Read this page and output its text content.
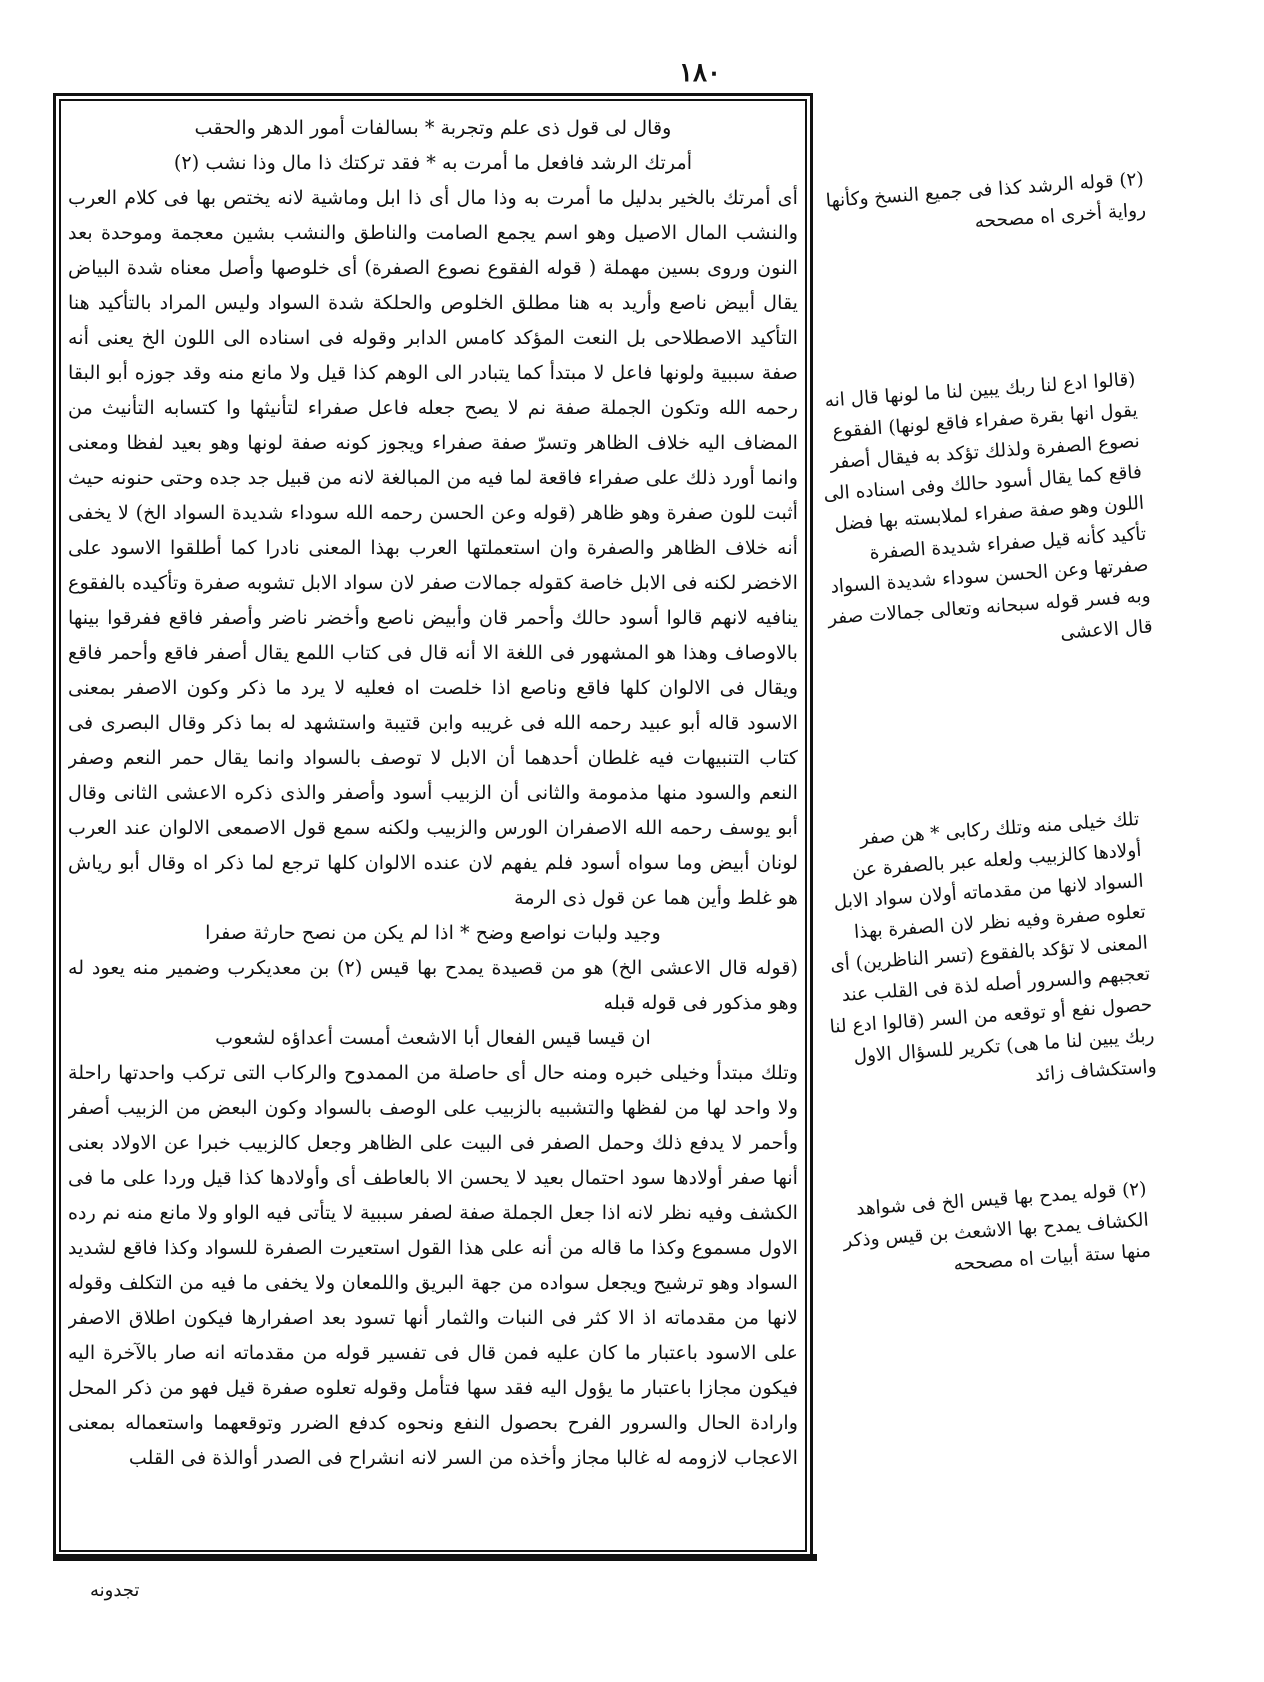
١٨٠

وقال لى قول ذى علم وتجربة * بسالفات أمور الدهر والحقب

أمرتك الرشد فافعل ما أمرت به * فقد تركتك ذا مال وذا نشب (٢)

أى أمرتك بالخير بدليل ما أمرت به وذا مال أى ذا ابل وماشية لانه يختص بها فى كلام العرب والنشب المال الاصيل وهو اسم يجمع الصامت والناطق والنشب بشين معجمة وموحدة بعد النون وروى بسين مهملة ( قوله الفقوع نصوع الصفرة) أى خلوصها وأصل معناه شدة البياض يقال أبيض ناصع وأريد به هنا مطلق الخلوص والحلكة شدة السواد وليس المراد بالتأكيد هنا التأكيد الاصطلاحى بل النعت المؤكد كامس الدابر وقوله فى اسناده الى اللون الخ يعنى أنه صفة سببية ولونها فاعل لا مبتدأ كما يتبادر الى الوهم كذا قيل ولا مانع منه وقد جوزه أبو البقا رحمه الله وتكون الجملة صفة نم لا يصح جعله فاعل صفراء لتأنيثها وا كتسابه التأنيث من المضاف اليه خلاف الظاهر وتسرّ صفة صفراء ويجوز كونه صفة لونها وهو بعيد لفظا ومعنى وانما أورد ذلك على صفراء فاقعة لما فيه من المبالغة لانه من قبيل جد جده وحتى حنونه حيث أثبت للون صفرة وهو ظاهر (قوله وعن الحسن رحمه الله سوداء شديدة السواد الخ) لا يخفى أنه خلاف الظاهر والصفرة وان استعملتها العرب بهذا المعنى نادرا كما أطلقوا الاسود على الاخضر لكنه فى الابل خاصة كقوله جمالات صفر لان سواد الابل تشوبه صفرة وتأكيده بالفقوع ينافيه لانهم قالوا أسود حالك وأحمر قان وأبيض ناصع وأخضر ناضر وأصفر فاقع ففرقوا بينها بالاوصاف وهذا هو المشهور فى اللغة الا أنه قال فى كتاب اللمع يقال أصفر فاقع وأحمر فاقع ويقال فى الالوان كلها فاقع وناصع اذا خلصت اه فعليه لا يرد ما ذكر وكون الاصفر بمعنى الاسود قاله أبو عبيد رحمه الله فى غريبه وابن قتيبة واستشهد له بما ذكر وقال البصرى فى كتاب التنبيهات فيه غلطان أحدهما أن الابل لا توصف بالسواد وانما يقال حمر النعم وصفر النعم والسود منها مذمومة والثانى أن الزبيب أسود وأصفر والذى ذكره الاعشى الثانى وقال أبو يوسف رحمه الله الاصفران الورس والزبيب ولكنه سمع قول الاصمعى الالوان عند العرب لونان أبيض وما سواه أسود فلم يفهم لان عنده الالوان كلها ترجع لما ذكر اه وقال أبو رياش هو غلط وأين هما عن قول ذى الرمة

وجيد ولبات نواصع وضح * اذا لم يكن من نصح حارثة صفرا

(قوله قال الاعشى الخ) هو من قصيدة يمدح بها قيس (٢) بن معديكرب وضمير منه يعود له وهو مذكور فى قوله قبله

ان قيسا قيس الفعال أبا الاشعث أمست أعداؤه لشعوب

وتلك مبتدأ وخيلى خبره ومنه حال أى حاصلة من الممدوح والركاب التى تركب واحدتها راحلة ولا واحد لها من لفظها والتشبيه بالزبيب على الوصف بالسواد وكون البعض من الزبيب أصفر وأحمر لا يدفع ذلك وحمل الصفر فى البيت على الظاهر وجعل كالزبيب خبرا عن الاولاد بعنى أنها صفر أولادها سود احتمال بعيد لا يحسن الا بالعاطف أى وأولادها كذا قيل وردا على ما فى الكشف وفيه نظر لانه اذا جعل الجملة صفة لصفر سببية لا يتأتى فيه الواو ولا مانع منه نم رده الاول مسموع وكذا ما قاله من أنه على هذا القول استعيرت الصفرة للسواد وكذا فاقع لشديد السواد وهو ترشيح ويجعل سواده من جهة البريق واللمعان ولا يخفى ما فيه من التكلف وقوله لانها من مقدماته اذ الا كثر فى النبات والثمار أنها تسود بعد اصفرارها فيكون اطلاق الاصفر على الاسود باعتبار ما كان عليه فمن قال فى تفسير قوله من مقدماته انه صار بالآخرة اليه فيكون مجازا باعتبار ما يؤول اليه فقد سها فتأمل وقوله تعلوه صفرة قيل فهو من ذكر المحل وارادة الحال والسرور الفرح بحصول النفع ونحوه كدفع الضرر وتوقعهما واستعماله بمعنى الاعجاب لازومه له غالبا مجاز وأخذه من السر لانه انشراح فى الصدر أوالذة فى القلب

(٢) قوله الرشد كذا فى جميع النسخ وكأنها رواية أخرى اه مصححه
(قالوا ادع لنا ربك يبين لنا ما لونها قال انه يقول انها بقرة صفراء فاقع لونها) الفقوع نصوع الصفرة ولذلك تؤكد به فيقال أصفر فاقع كما يقال أسود حالك وفى اسناده الى اللون وهو صفة صفراء لملابسته بها فضل تأكيد كأنه قيل صفراء شديدة الصفرة صفرتها وعن الحسن سوداء شديدة السواد وبه فسر قوله سبحانه وتعالى جمالات صفر قال الاعشى
تلك خيلى منه وتلك ركابى * هن صفر أولادها كالزبيب ولعله عبر بالصفرة عن السواد لانها من مقدماته أولان سواد الابل تعلوه صفرة وفيه نظر لان الصفرة بهذا المعنى لا تؤكد بالفقوع (تسر الناظرين) أى تعجبهم والسرور أصله لذة فى القلب عند حصول نفع أو توقعه من السر (قالوا ادع لنا ربك يبين لنا ما هى) تكرير للسؤال الاول واستكشاف زائد
(٢) قوله يمدح بها قيس الخ فى شواهد الكشاف يمدح بها الاشعث بن قيس وذكر منها ستة أبيات اه مصححه
تجدونه
